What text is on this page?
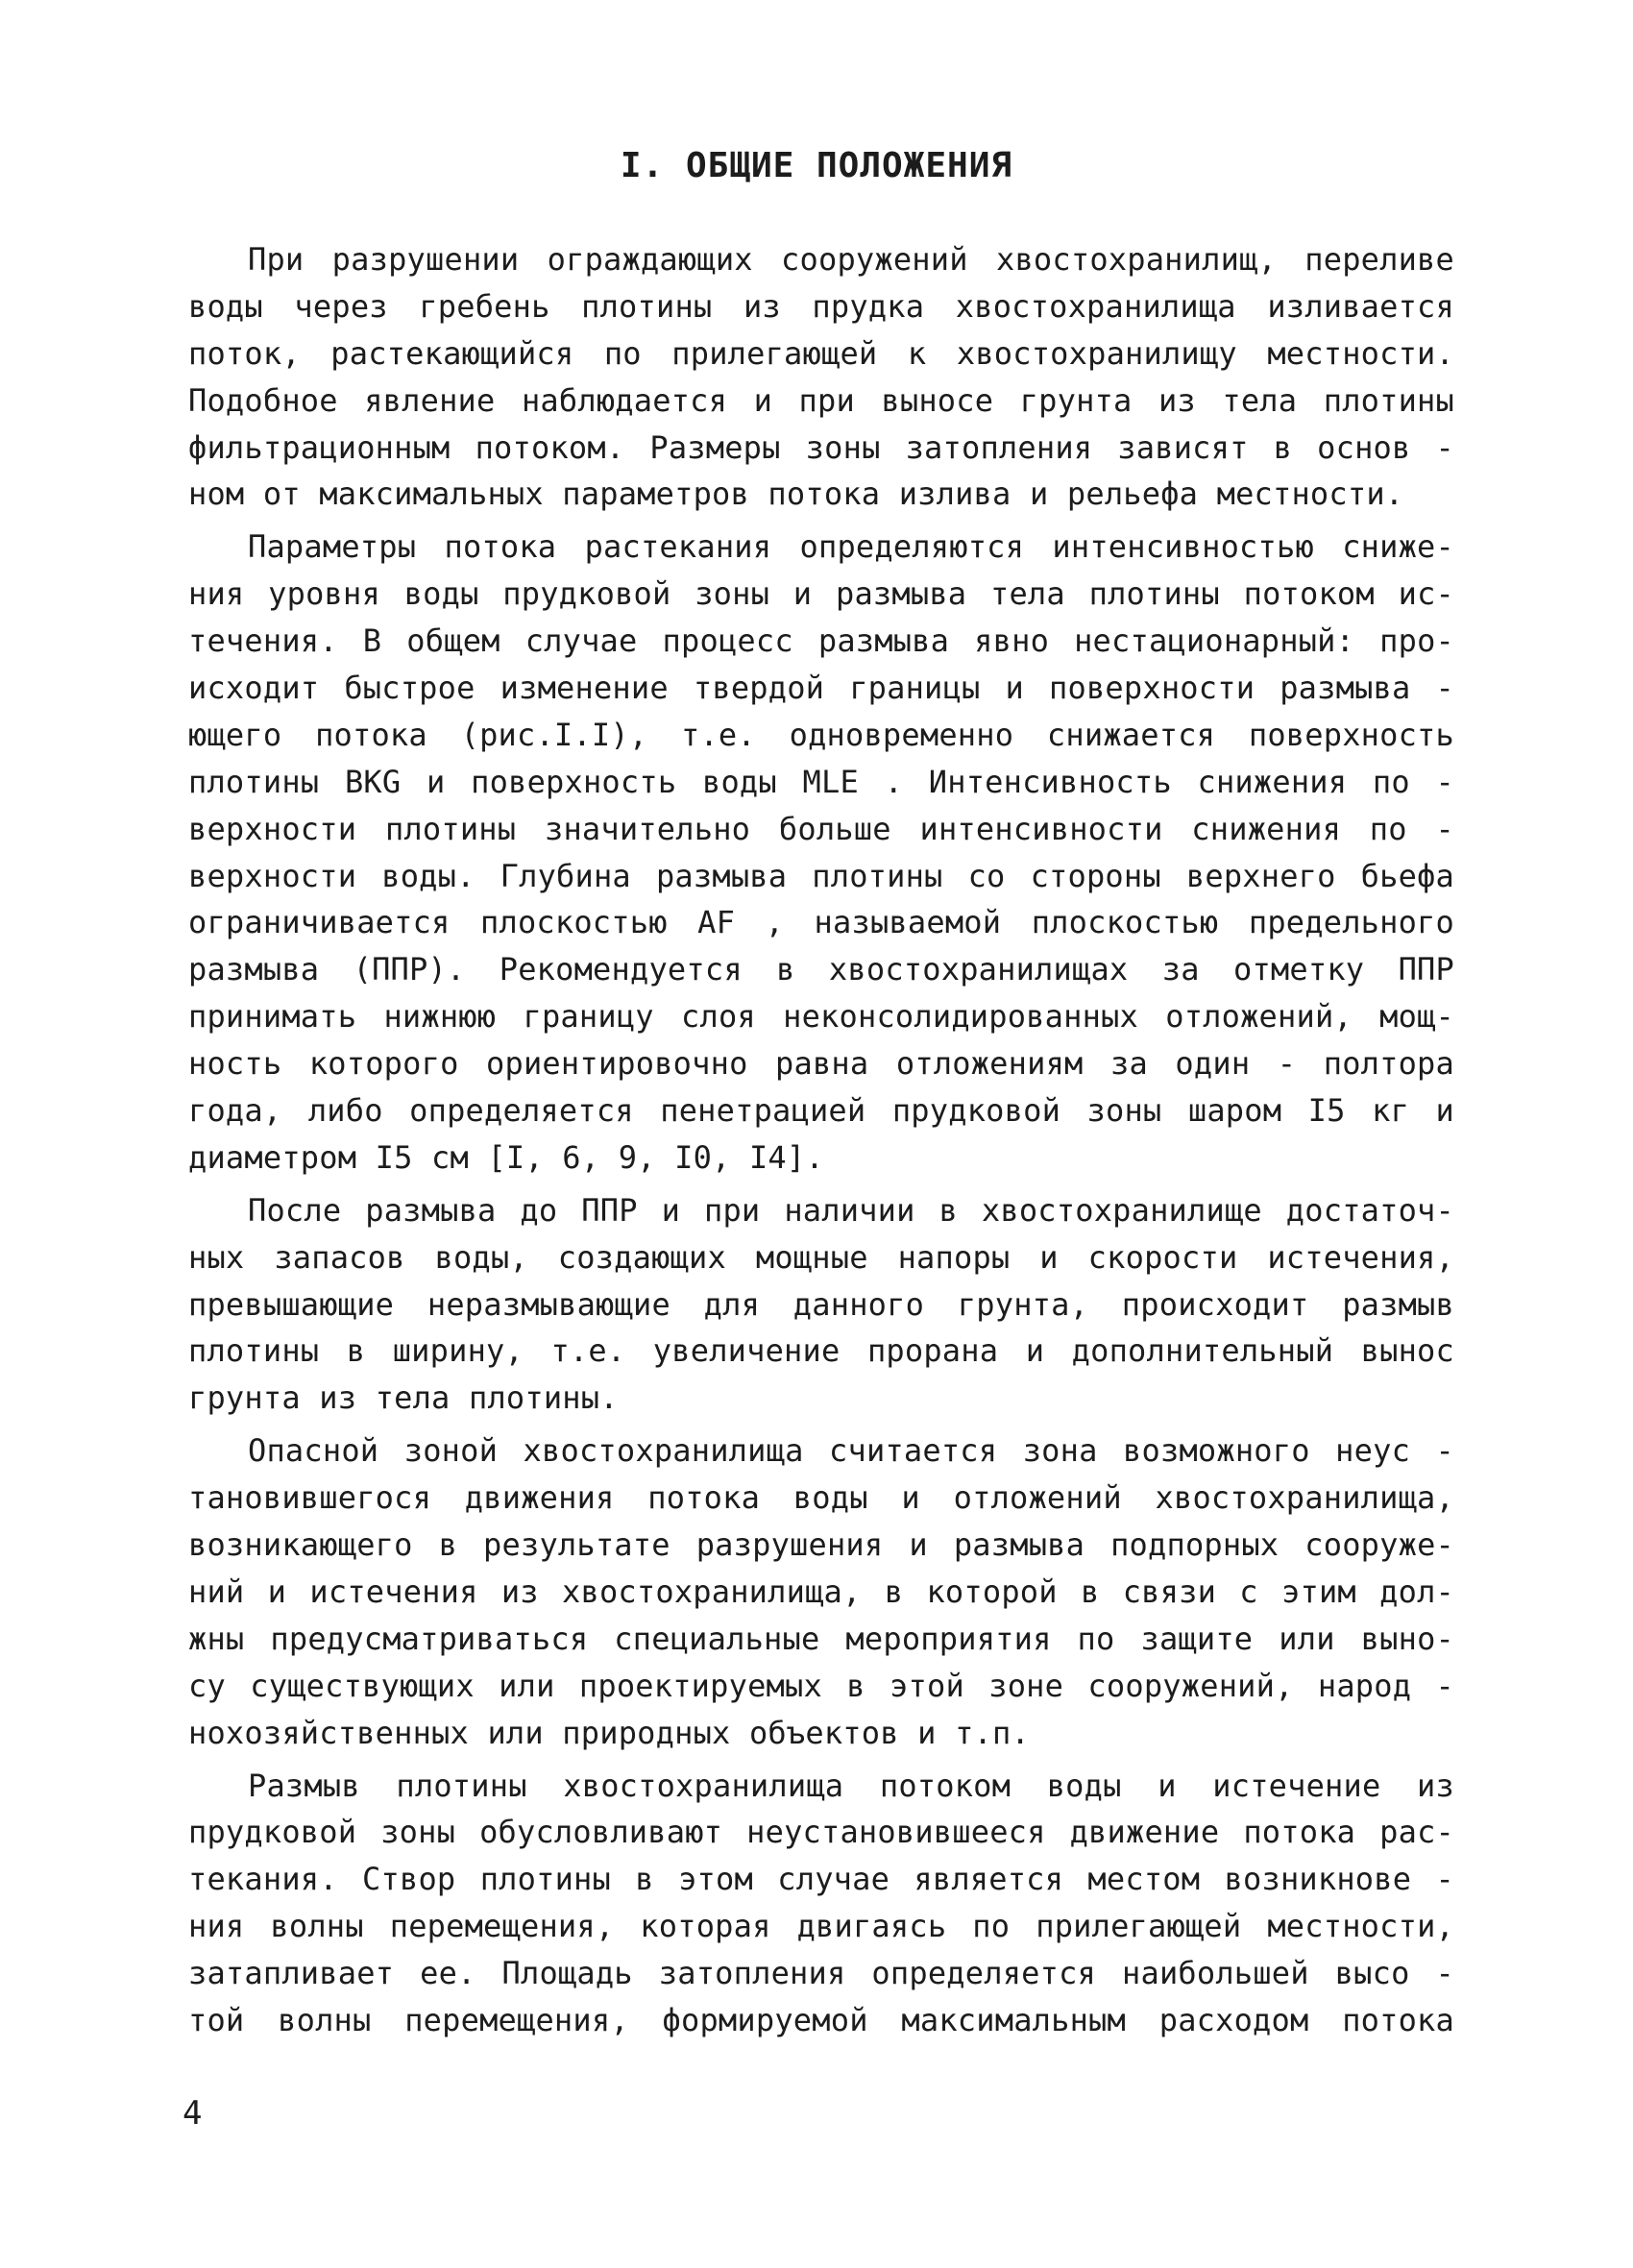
I. ОБЩИЕ ПОЛОЖЕНИЯ
При разрушении ограждающих сооружений хвостохранилищ, переливе
воды через гребень плотины из прудка хвостохранилища изливается
поток, растекающийся по прилегающей к хвостохранилищу местности.
Подобное явление наблюдается и при выносе грунта из тела плотины
фильтрационным потоком. Размеры зоны затопления зависят в основ -
ном от максимальных параметров потока излива и рельефа местности.
Параметры потока растекания определяются интенсивностью сниже-
ния уровня воды прудковой зоны и размыва тела плотины потоком ис-
течения. В общем случае процесс размыва явно нестационарный: про-
исходит быстрое изменение твердой границы и поверхности размыва -
ющего потока (рис.I.I), т.е. одновременно снижается поверхность
плотины BKG и поверхность воды MLE . Интенсивность снижения по -
верхности плотины значительно больше интенсивности снижения по -
верхности воды. Глубина размыва плотины со стороны верхнего бьефа
ограничивается плоскостью AF , называемой плоскостью предельного
размыва (ППР). Рекомендуется в хвостохранилищах за отметку ППР
принимать нижнюю границу слоя неконсолидированных отложений, мощ-
ность которого ориентировочно равна отложениям за один - полтора
года, либо определяется пенетрацией прудковой зоны шаром I5 кг и
диаметром I5 см [I, 6, 9, I0, I4].
После размыва до ППР и при наличии в хвостохранилище достаточ-
ных запасов воды, создающих мощные напоры и скорости истечения,
превышающие неразмывающие для данного грунта, происходит размыв
плотины в ширину, т.е. увеличение прорана и дополнительный вынос
грунта из тела плотины.
Опасной зоной хвостохранилища считается зона возможного неус -
тановившегося движения потока воды и отложений хвостохранилища,
возникающего в результате разрушения и размыва подпорных сооруже-
ний и истечения из хвостохранилища, в которой в связи с этим дол-
жны предусматриваться специальные мероприятия по защите или выно-
су существующих или проектируемых в этой зоне сооружений, народ -
нохозяйственных или природных объектов и т.п.
Размыв плотины хвостохранилища потоком воды и истечение из
прудковой зоны обусловливают неустановившееся движение потока рас-
текания. Створ плотины в этом случае является местом возникнове -
ния волны перемещения, которая двигаясь по прилегающей местности,
затапливает ее. Площадь затопления определяется наибольшей высо -
той волны перемещения, формируемой максимальным расходом потока
4
